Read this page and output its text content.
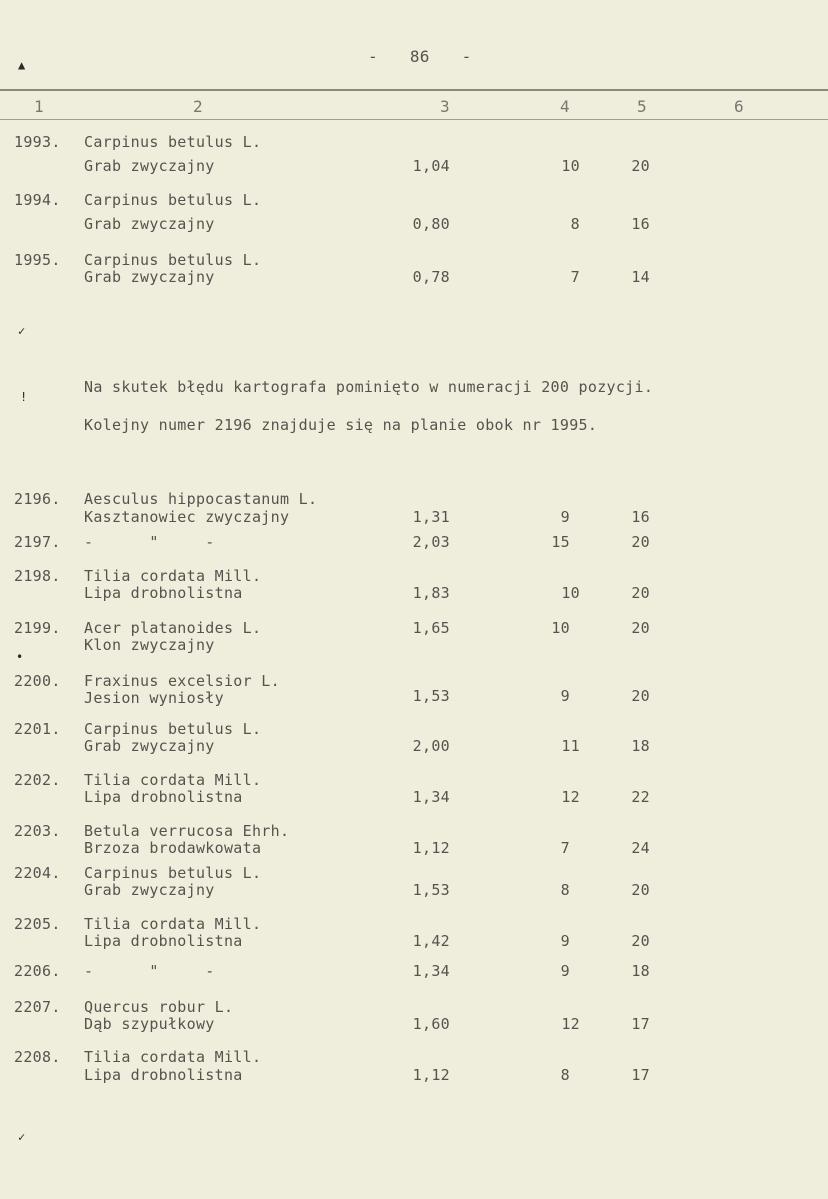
- 86 -
▲
✓
!
•
✓
1	2	3	4	5	6
1993. Carpinus betulus L.
Grab zwyczajny	1,04	10	20
1994. Carpinus betulus L.
Grab zwyczajny	0,80	8	16
1995. Carpinus betulus L.
Grab zwyczajny	0,78	7	14
Na skutek błędu kartografa pominięto w numeracji 200 pozycji.
Kolejny numer 2196 znajduje się na planie obok nr 1995.
2196. Aesculus hippocastanum L.
Kasztanowiec zwyczajny	1,31	9	16
2197. -      "     -	2,03	15	20
2198. Tilia cordata Mill.
Lipa drobnolistna	1,83	10	20
2199. Acer platanoides L.
Klon zwyczajny
1,65	10	20
2200. Fraxinus excelsior L.
Jesion wyniosły	1,53	9	20
2201. Carpinus betulus L.
Grab zwyczajny	2,00	11	18
2202. Tilia cordata Mill.
Lipa drobnolistna	1,34	12	22
2203. Betula verrucosa Ehrh.
Brzoza brodawkowata	1,12	7	24
2204. Carpinus betulus L.
Grab zwyczajny	1,53	8	20
2205. Tilia cordata Mill.
Lipa drobnolistna	1,42	9	20
2206. -      "     -	1,34	9	18
2207. Quercus robur L.
Dąb szypułkowy	1,60	12	17
2208. Tilia cordata Mill.
Lipa drobnolistna	1,12	8	17
